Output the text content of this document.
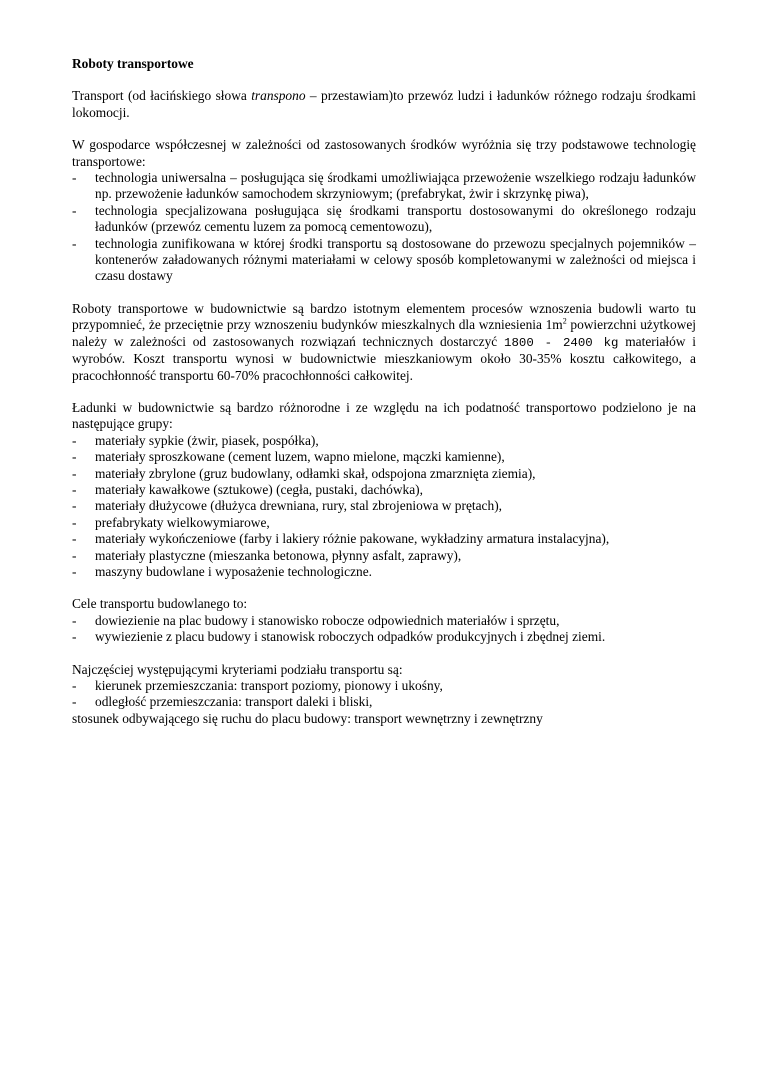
Roboty transportowe

Transport (od łacińskiego słowa transpono – przestawiam)to przewóz ludzi i ładunków różnego rodzaju środkami lokomocji.

W gospodarce współczesnej w zależności od zastosowanych środków wyróżnia się trzy podstawowe technologię transportowe:

- technologia uniwersalna – posługująca się środkami umożliwiająca przewożenie wszelkiego rodzaju ładunków np. przewożenie ładunków samochodem skrzyniowym; (prefabrykat, żwir i skrzynkę piwa),
- technologia specjalizowana posługująca się środkami transportu dostosowanymi do określonego rodzaju ładunków (przewóz cementu luzem za pomocą cementowozu),
- technologia zunifikowana w której środki transportu są dostosowane do przewozu specjalnych pojemników – kontenerów załadowanych różnymi materiałami w celowy sposób kompletowanymi w zależności od miejsca i czasu dostawy

Roboty transportowe w budownictwie są bardzo istotnym elementem procesów wznoszenia budowli warto tu przypomnieć, że przeciętnie przy wznoszeniu budynków mieszkalnych dla wzniesienia $1m^2$ powierzchni użytkowej należy w zależności od zastosowanych rozwiązań technicznych dostarczyć 1800 - 2400 kg materiałów i wyrobów. Koszt transportu wynosi w budownictwie mieszkaniowym około 30-35% kosztu całkowitego, a pracochłonność transportu 60-70% pracochłonności całkowitej.

Ładunki w budownictwie są bardzo różnorodne i ze względu na ich podatność transportowo podzielono je na następujące grupy:

- materiały sypkie (żwir, piasek, pospółka),
- materiały sproszkowane (cement luzem, wapno mielone, mączki kamienne),
- materiały zbrylone (gruz budowlany, odłamki skał, odspojona zmarznięta ziemia),
- materiały kawałkowe (sztukowe) (cegła, pustaki, dachówka),
- materiały dłużycowe (dłużyca drewniana, rury, stal zbrojeniowa w prętach),
- prefabrykaty wielkowymiarowe,
- materiały wykończeniowe (farby i lakiery różnie pakowane, wykładziny armatura instalacyjna),
- materiały plastyczne (mieszanka betonowa, płynny asfalt, zaprawy),
- maszyny budowlane i wyposażenie technologiczne.

Cele transportu budowlanego to:

- dowiezienie na plac budowy i stanowisko robocze odpowiednich materiałów i sprzętu,
- wywiezienie z placu budowy i stanowisk roboczych odpadków produkcyjnych i zbędnej ziemi.

Najczęściej występującymi kryteriami podziału transportu są:

- kierunek przemieszczania: transport poziomy, pionowy i ukośny,
- odległość przemieszczania: transport daleki i bliski,

stosunek odbywającego się ruchu do placu budowy: transport wewnętrzny i zewnętrzny
